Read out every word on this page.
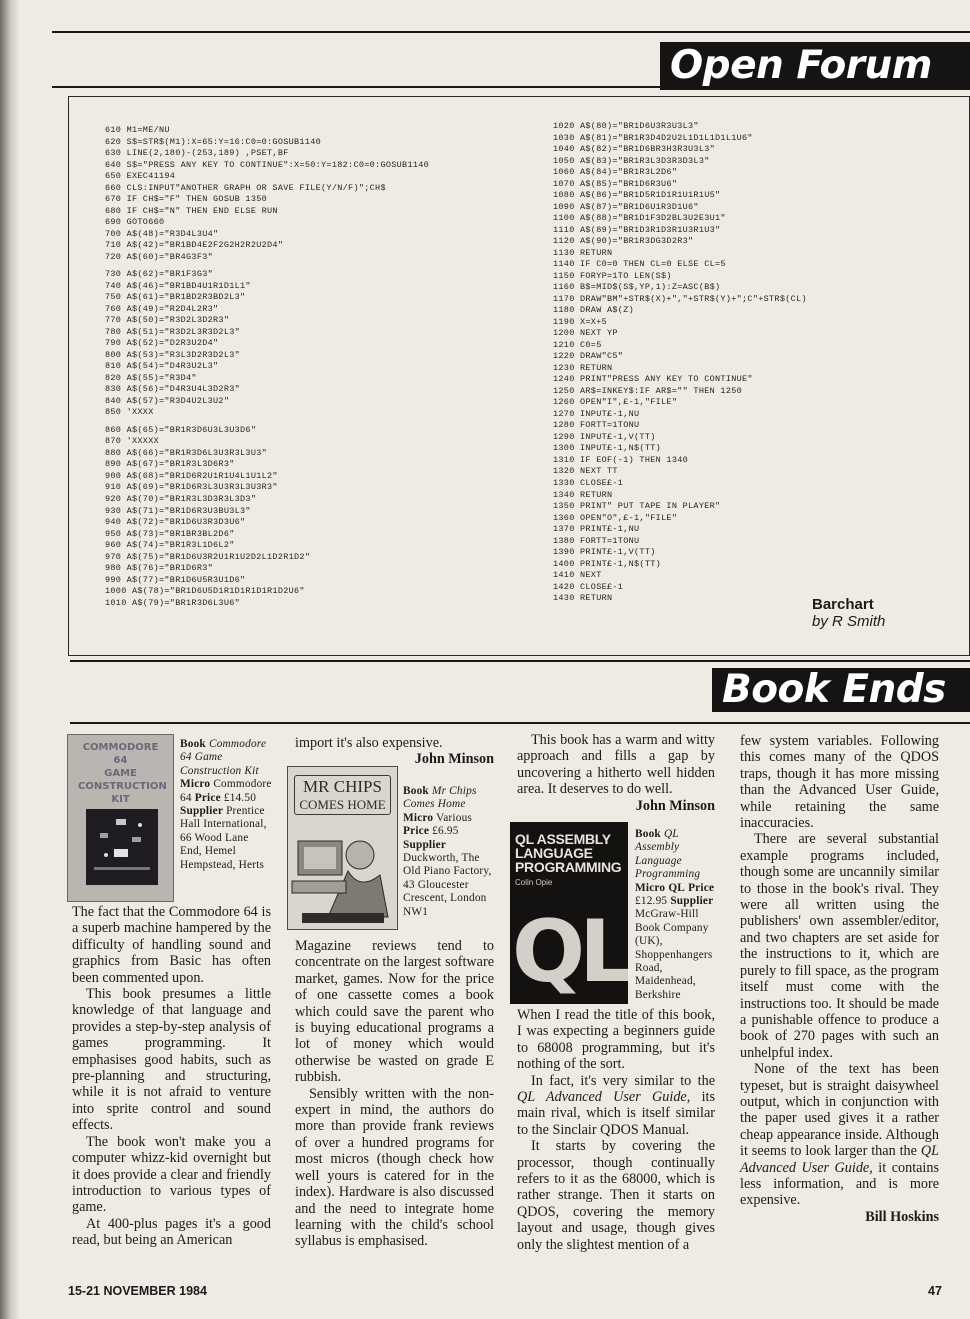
Open Forum
610 M1=ME/NU
620 S$=STR$(M1):X=65:Y=16:C0=0:GOSUB1140
630 LINE(2,180)-(253,189) ,PSET,BF
640 S$="PRESS ANY KEY TO CONTINUE":X=50:Y=182:C0=0:GOSUB1140
650 EXEC41194
660 CLS:INPUT"ANOTHER GRAPH OR SAVE FILE(Y/N/F)";CH$
670 IF CH$="F" THEN GOSUB 1350
680 IF CH$="N" THEN END ELSE RUN
690 GOTO660
700 A$(48)="R3D4L3U4"
710 A$(42)="BR1BD4E2F2G2H2R2U2D4"
720 A$(60)="BR4G3F3"
730 A$(62)="BR1F3G3"
740 A$(46)="BR1BD4U1R1D1L1"
750 A$(61)="BR1BD2R3BD2L3"
760 A$(49)="R2D4L2R3"
770 A$(50)="R3D2L3D2R3"
780 A$(51)="R3D2L3R3D2L3"
790 A$(52)="D2R3U2D4"
800 A$(53)="R3L3D2R3D2L3"
810 A$(54)="D4R3U2L3"
820 A$(55)="R3D4"
830 A$(56)="D4R3U4L3D2R3"
840 A$(57)="R3D4U2L3U2"
850 'XXXX
860 A$(65)="BR1R3D6U3L3U3D6"
870 'XXXXX
880 A$(66)="BR1R3D6L3U3R3L3U3"
890 A$(67)="BR1R3L3D6R3"
900 A$(68)="BR1D6R2U1R1U4L1U1L2"
910 A$(69)="BR1D6R3L3U3R3L3U3R3"
920 A$(70)="BR1R3L3D3R3L3D3"
930 A$(71)="BR1D6R3U3BU3L3"
940 A$(72)="BR1D6U3R3D3U6"
950 A$(73)="BR1BR3BL2D6"
960 A$(74)="BR1R3L1D6L2"
970 A$(75)="BR1D6U3R2U1R1U2D2L1D2R1D2"
980 A$(76)="BR1D6R3"
990 A$(77)="BR1D6U5R3U1D6"
1000 A$(78)="BR1D6U5D1R1D1R1D1R1D2U6"
1010 A$(79)="BR1R3D6L3U6"
1020 A$(80)="BR1D6U3R3U3L3"
1030 A$(81)="BR1R3D4D2U2L1D1L1D1L1U6"
1040 A$(82)="BR1D6BR3H3R3U3L3"
1050 A$(83)="BR1R3L3D3R3D3L3"
1060 A$(84)="BR1R3L2D6"
1070 A$(85)="BR1D6R3U6"
1080 A$(86)="BR1D5R1D1R1U1R1U5"
1090 A$(87)="BR1D6U1R3D1U6"
1100 A$(88)="BR1D1F3D2BL3U2E3U1"
1110 A$(89)="BR1D3R1D3R1U3R1U3"
1120 A$(90)="BR1R3DG3D2R3"
1130 RETURN
1140 IF C0=0 THEN CL=0 ELSE CL=5
1150 FORYP=1TO LEN(S$)
1160 B$=MID$(S$,YP,1):Z=ASC(B$)
1170 DRAW"BM"+STR$(X)+","+STR$(Y)+";C"+STR$(CL)
1180 DRAW A$(Z)
1190 X=X+5
1200 NEXT YP
1210 C0=5
1220 DRAW"C5"
1230 RETURN
1240 PRINT"PRESS ANY KEY TO CONTINUE"
1250 AR$=INKEY$:IF AR$="" THEN 1250
1260 OPEN"I",£-1,"FILE"
1270 INPUT£-1,NU
1280 FORTT=1TONU
1290 INPUT£-1,V(TT)
1300 INPUT£-1,N$(TT)
1310 IF EOF(-1) THEN 1340
1320 NEXT TT
1330 CLOSE£-1
1340 RETURN
1350 PRINT" PUT TAPE IN PLAYER"
1360 OPEN"O",£-1,"FILE"
1370 PRINT£-1,NU
1380 FORTT=1TONU
1390 PRINT£-1,V(TT)
1400 PRINT£-1,N$(TT)
1410 NEXT
1420 CLOSE£-1
1430 RETURN	Barchart
by R Smith
Book Ends
COMMODORE 64
GAME
CONSTRUCTION
KIT
Book Commodore 64 Game Construction Kit Micro Commodore 64 Price £14.50 Supplier Prentice Hall International, 66 Wood Lane End, Hemel Hempstead, Herts

The fact that the Commodore 64 is a superb machine hampered by the difficulty of handling sound and graphics from Basic has often been commented upon.

This book presumes a little knowledge of that language and provides a step-by-step analysis of games programming. It emphasises good habits, such as pre-planning and structuring, while it is not afraid to venture into sprite control and sound effects.

The book won't make you a computer whizz-kid overnight but it does provide a clear and friendly introduction to various types of game.

At 400-plus pages it's a good read, but being an American

import it's also expensive.

John Minson
MR CHIPS
COMES HOME
Book Mr Chips Comes Home Micro Various Price £6.95 Supplier Duckworth, The Old Piano Factory, 43 Gloucester Crescent, London NW1

Magazine reviews tend to concentrate on the largest software market, games. Now for the price of one cassette comes a book which could save the parent who is buying educational programs a lot of money which would otherwise be wasted on grade E rubbish.

Sensibly written with the non-expert in mind, the authors do more than provide frank reviews of over a hundred programs for most micros (though check how well yours is catered for in the index). Hardware is also discussed and the need to integrate home learning with the child's school syllabus is emphasised.

This book has a warm and witty approach and fills a gap by uncovering a hitherto well hidden area. It deserves to do well.

John Minson
QL ASSEMBLY LANGUAGE PROGRAMMING
Colin Opie
QL
Book QL Assembly Language Programming Micro QL Price £12.95 Supplier McGraw-Hill Book Company (UK), Shoppenhangers Road, Maidenhead, Berkshire

When I read the title of this book, I was expecting a beginners guide to 68008 programming, but it's nothing of the sort.

In fact, it's very similar to the QL Advanced User Guide, its main rival, which is itself similar to the Sinclair QDOS Manual.

It starts by covering the processor, though continually refers to it as the 68000, which is rather strange. Then it starts on QDOS, covering the memory layout and usage, though gives only the slightest mention of a

few system variables. Following this comes many of the QDOS traps, though it has more missing than the Advanced User Guide, while retaining the same inaccuracies.

There are several substantial example programs included, though some are uncannily similar to those in the book's rival. They were all written using the publishers' own assembler/editor, and two chapters are set aside for the instructions to it, which are purely to fill space, as the program itself must come with the instructions too. It should be made a punishable offence to produce a book of 270 pages with such an unhelpful index.

None of the text has been typeset, but is straight daisywheel output, which in conjunction with the paper used gives it a rather cheap appearance inside. Although it seems to look larger than the QL Advanced User Guide, it contains less information, and is more expensive.

Bill Hoskins
15-21 NOVEMBER 1984	47
